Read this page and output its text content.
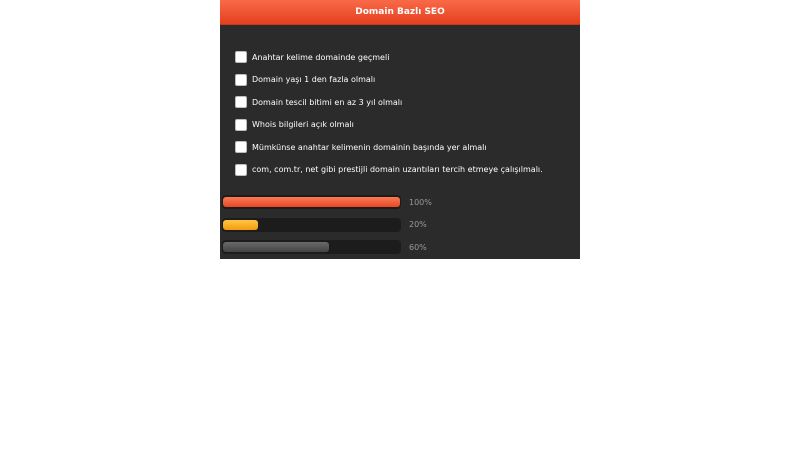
Domain Bazlı SEO
Anahtar kelime domainde geçmeli
Domain yaşı 1 den fazla olmalı
Domain tescil bitimi en az 3 yıl olmalı
Whois bilgileri açık olmalı
Mümkünse anahtar kelimenin domainin başında yer almalı
com, com.tr, net gibi prestijli domain uzantıları tercih etmeye çalışılmalı.
100%
20%
60%
